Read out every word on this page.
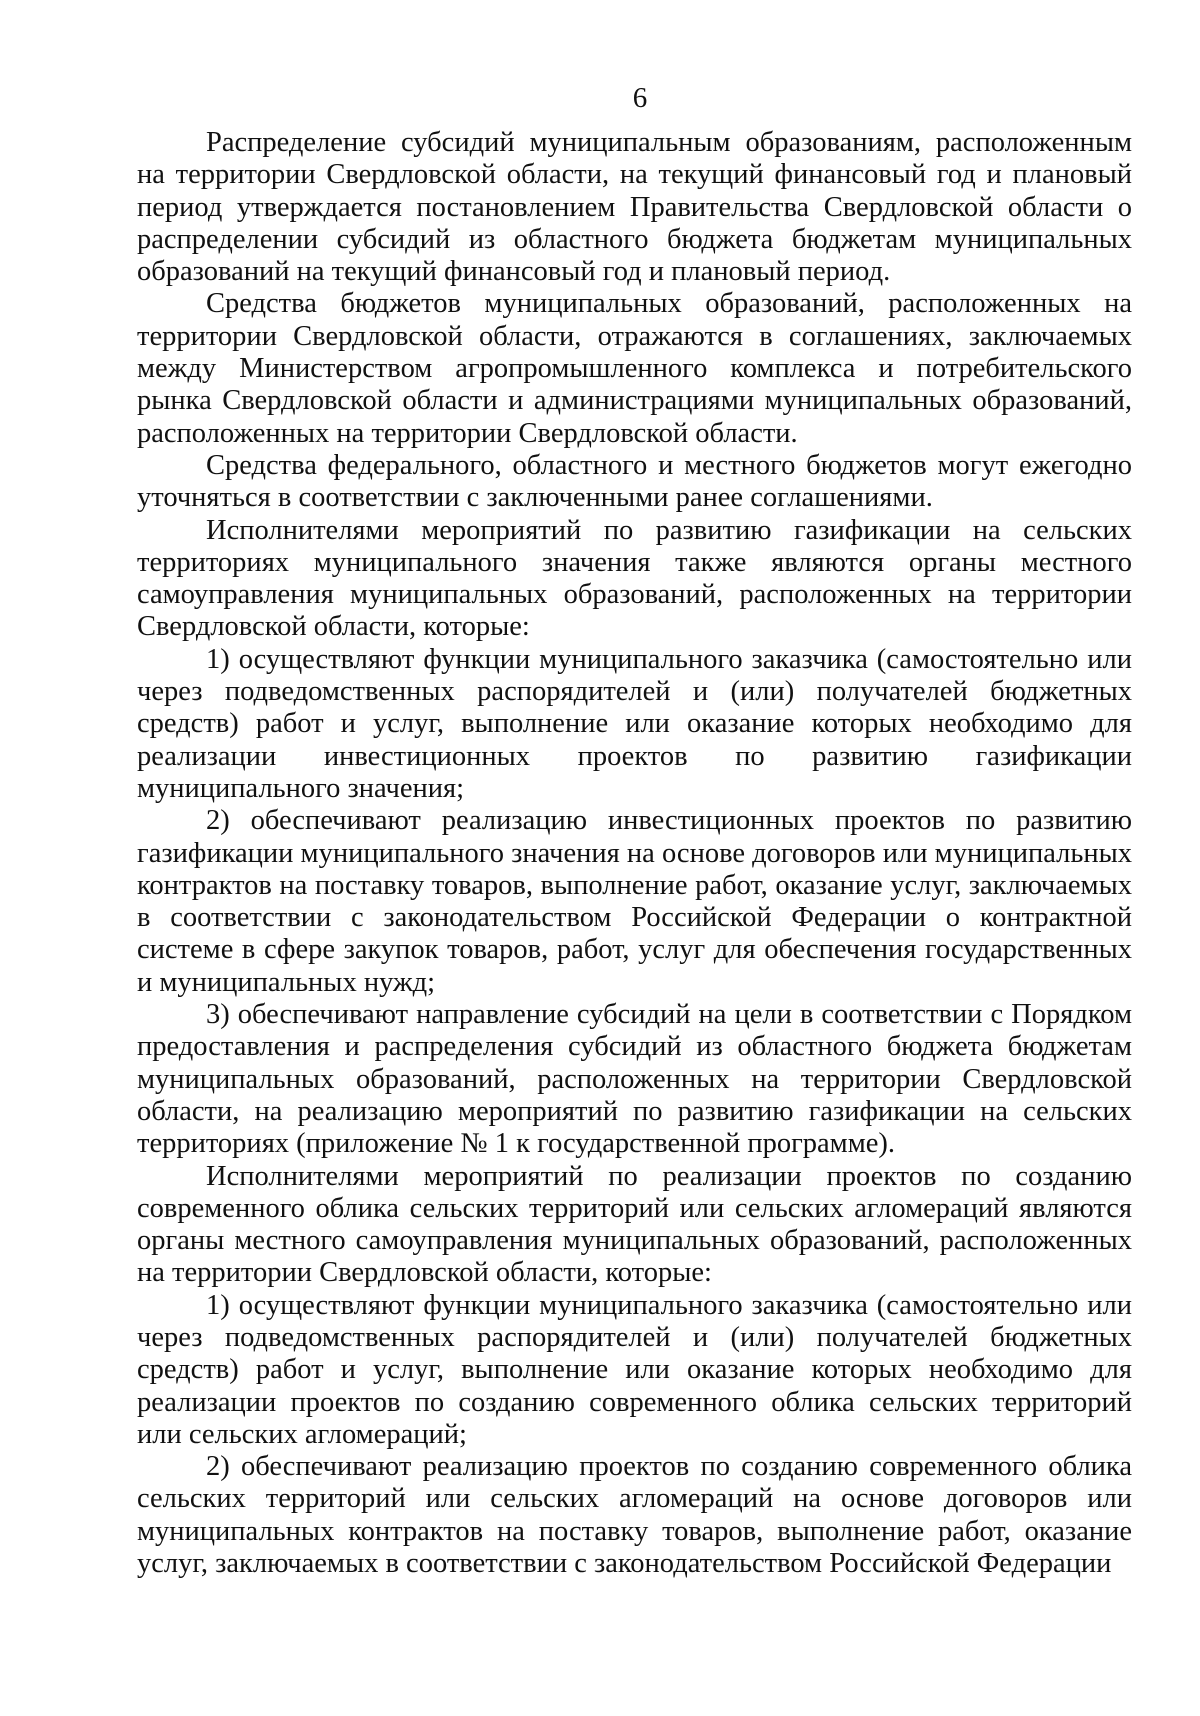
6

Распределение субсидий муниципальным образованиям, расположенным на территории Свердловской области, на текущий финансовый год и плановый период утверждается постановлением Правительства Свердловской области о распределении субсидий из областного бюджета бюджетам муниципальных образований на текущий финансовый год и плановый период.

Средства бюджетов муниципальных образований, расположенных на территории Свердловской области, отражаются в соглашениях, заключаемых между Министерством агропромышленного комплекса и потребительского рынка Свердловской области и администрациями муниципальных образований, расположенных на территории Свердловской области.

Средства федерального, областного и местного бюджетов могут ежегодно уточняться в соответствии с заключенными ранее соглашениями.

Исполнителями мероприятий по развитию газификации на сельских территориях муниципального значения также являются органы местного самоуправления муниципальных образований, расположенных на территории Свердловской области, которые:

1) осуществляют функции муниципального заказчика (самостоятельно или через подведомственных распорядителей и (или) получателей бюджетных средств) работ и услуг, выполнение или оказание которых необходимо для реализации инвестиционных проектов по развитию газификации муниципального значения;

2) обеспечивают реализацию инвестиционных проектов по развитию газификации муниципального значения на основе договоров или муниципальных контрактов на поставку товаров, выполнение работ, оказание услуг, заключаемых в соответствии с законодательством Российской Федерации о контрактной системе в сфере закупок товаров, работ, услуг для обеспечения государственных и муниципальных нужд;

3) обеспечивают направление субсидий на цели в соответствии с Порядком предоставления и распределения субсидий из областного бюджета бюджетам муниципальных образований, расположенных на территории Свердловской области, на реализацию мероприятий по развитию газификации на сельских территориях (приложение № 1 к государственной программе).

Исполнителями мероприятий по реализации проектов по созданию современного облика сельских территорий или сельских агломераций являются органы местного самоуправления муниципальных образований, расположенных на территории Свердловской области, которые:

1) осуществляют функции муниципального заказчика (самостоятельно или через подведомственных распорядителей и (или) получателей бюджетных средств) работ и услуг, выполнение или оказание которых необходимо для реализации проектов по созданию современного облика сельских территорий или сельских агломераций;

2) обеспечивают реализацию проектов по созданию современного облика сельских территорий или сельских агломераций на основе договоров или муниципальных контрактов на поставку товаров, выполнение работ, оказание услуг, заключаемых в соответствии с законодательством Российской Федерации
